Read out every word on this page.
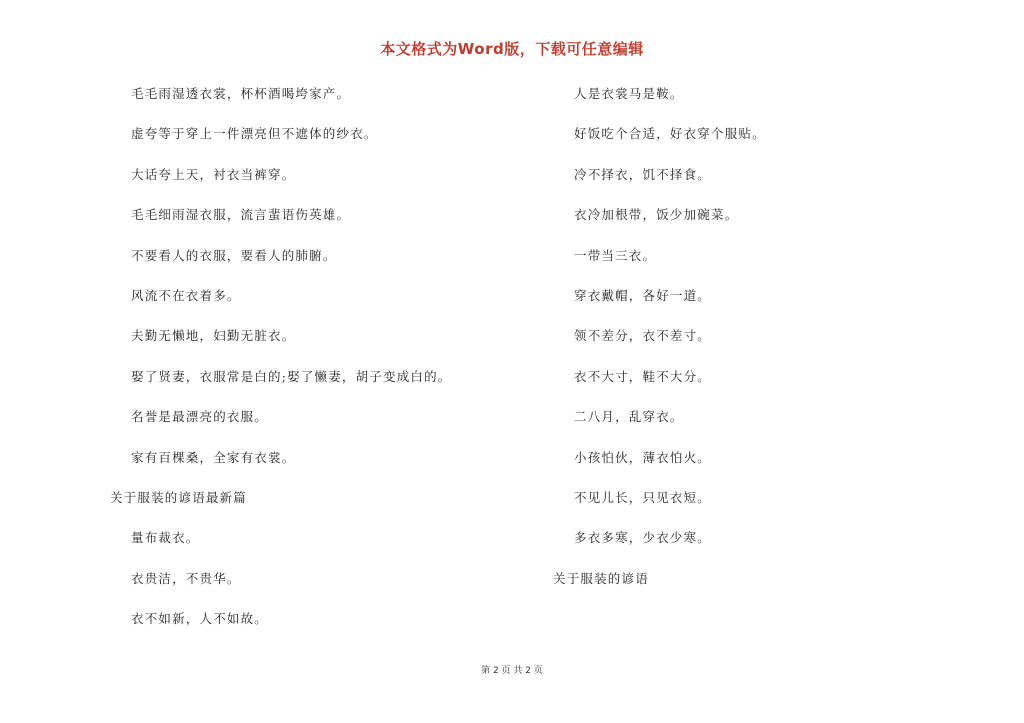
本文格式为Word版，下载可任意编辑
毛毛雨湿透衣裳，杯杯酒喝垮家产。
虚夸等于穿上一件漂亮但不遮体的纱衣。
大话夸上天，衬衣当裤穿。
毛毛细雨湿衣服，流言蜚语伤英雄。
不要看人的衣服，要看人的肺腑。
风流不在衣着多。
夫勤无懒地，妇勤无脏衣。
娶了贤妻，衣服常是白的;娶了懒妻，胡子变成白的。
名誉是最漂亮的衣服。
家有百棵桑，全家有衣裳。
关于服装的谚语最新篇
量布裁衣。
衣贵洁，不贵华。
衣不如新，人不如故。
人是衣裳马是鞍。
好饭吃个合适，好衣穿个服贴。
冷不择衣，饥不择食。
衣冷加根带，饭少加碗菜。
一带当三衣。
穿衣戴帽，各好一道。
领不差分，衣不差寸。
衣不大寸，鞋不大分。
二八月，乱穿衣。
小孩怕伙，薄衣怕火。
不见儿长，只见衣短。
多衣多寒，少衣少寒。
关于服装的谚语
第 2 页 共 2 页
